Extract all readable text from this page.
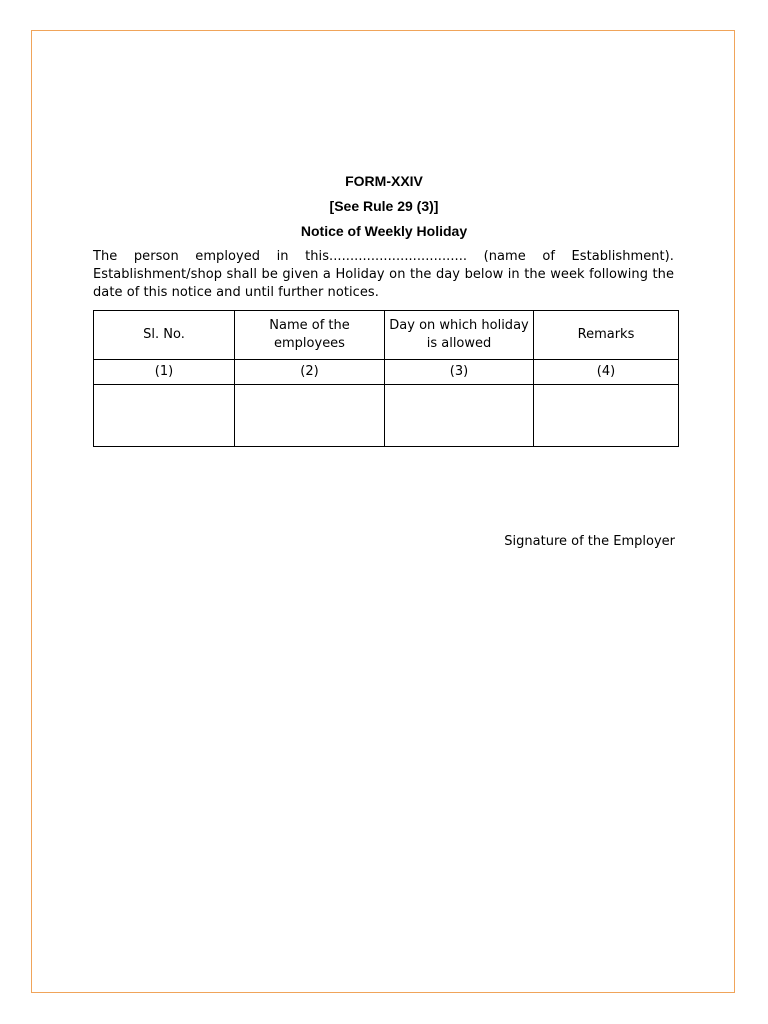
FORM-XXIV
[See Rule 29 (3)]
Notice of Weekly Holiday
The person employed in this................................. (name of Establishment).
Establishment/shop shall be given a Holiday on the day below in the week following the
date of this notice and until further notices.
Sl. No.	Name of the employees	Day on which holiday is allowed	Remarks
(1)	(2)	(3)	(4)

Signature of the Employer
